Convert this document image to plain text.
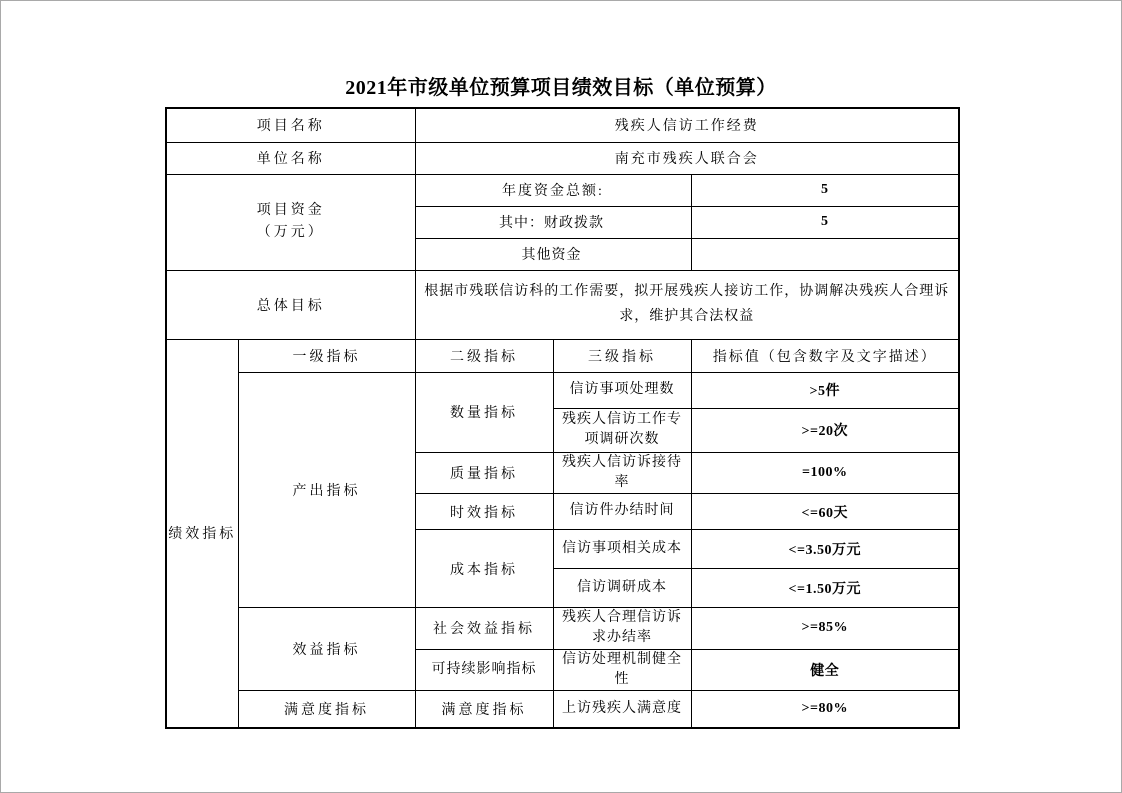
2021年市级单位预算项目绩效目标（单位预算）
项目名称		残疾人信访工作经费		
单位名称		南充市残疾人联合会		

项目资金
（万元）		年度资金总额:		5
		其中：财政拨款		5
		其他资金		
总体目标		根据市残联信访科的工作需要，拟开展残疾人接访工作，协调解决残疾人合理诉求，维护其合法权益		
绩效指标	一级指标	二级指标	三级指标	指标值（包含数字及文字描述）
	产出指标	数量指标	信访事项处理数	>5件
			残疾人信访工作专项调研次数	>=20次
		质量指标	残疾人信访诉接待率	=100%
		时效指标	信访件办结时间	<=60天
		成本指标	信访事项相关成本	<=3.50万元
			信访调研成本	<=1.50万元
	效益指标	社会效益指标	残疾人合理信访诉求办结率	>=85%
		可持续影响指标	信访处理机制健全性	健全
	满意度指标	满意度指标	上访残疾人满意度	>=80%
